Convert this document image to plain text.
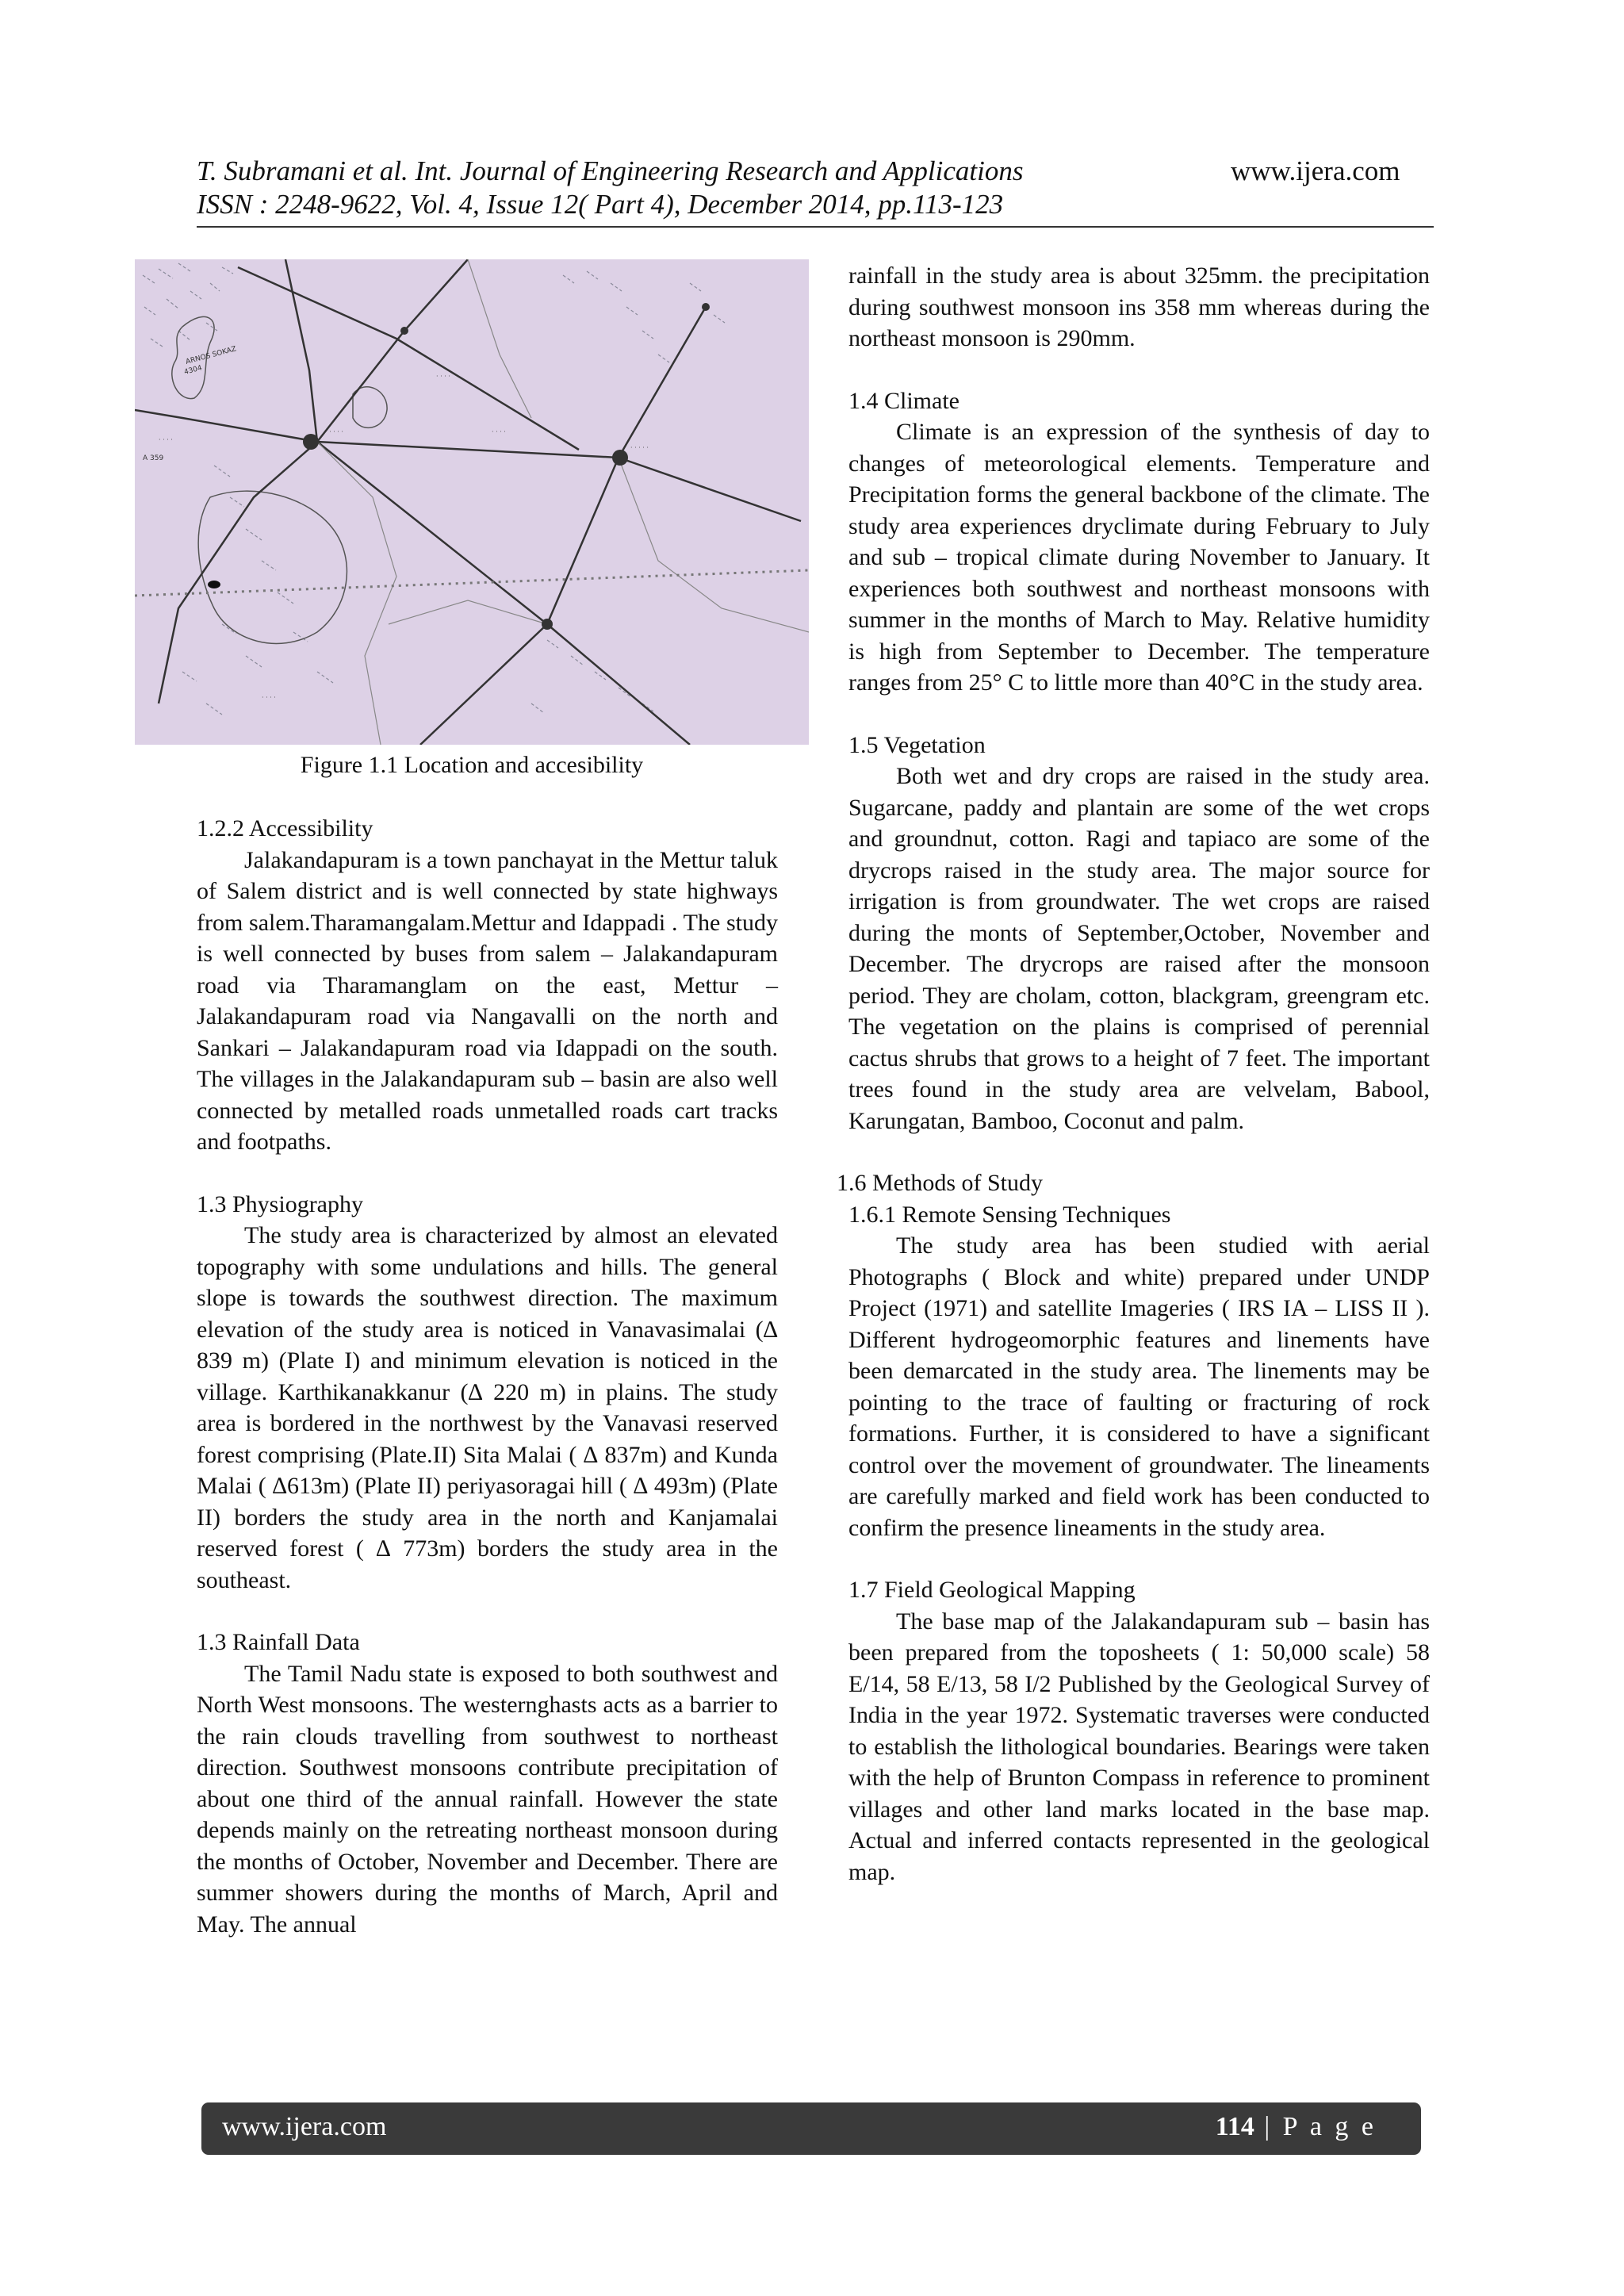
T. Subramani et al. Int. Journal of Engineering Research and Applications	www.ijera.com
ISSN : 2248-9622, Vol. 4, Issue 12( Part 4), December 2014, pp.113-123
· · · · ·
· · · · ·
· · · ·
· · · ·
· · · ·
· · · ·
ARNOS SOKAZ
4304
A 359
Figure 1.1 Location and accesibility
1.2.2 Accessibility

Jalakandapuram is a town panchayat in the Mettur taluk of Salem district and is well connected by state highways from salem.Tharamangalam.Mettur and Idappadi . The study is well connected by buses from salem – Jalakandapuram road via Tharamanglam on the east, Mettur – Jalakandapuram road via Nangavalli on the north and Sankari – Jalakandapuram road via Idappadi on the south. The villages in the Jalakandapuram sub – basin are also well connected by metalled roads unmetalled roads cart tracks and footpaths.

1.3 Physiography

The study area is characterized by almost an elevated topography with some undulations and hills. The general slope is towards the southwest direction. The maximum elevation of the study area is noticed in Vanavasimalai (∆ 839 m) (Plate I) and minimum elevation is noticed in the village. Karthikanakkanur (∆ 220 m) in plains. The study area is bordered in the northwest by the Vanavasi reserved forest comprising (Plate.II) Sita Malai ( ∆ 837m) and Kunda Malai ( ∆613m) (Plate II) periyasoragai hill ( ∆ 493m) (Plate II) borders the study area in the north and Kanjamalai reserved forest ( ∆ 773m) borders the study area in the southeast.

1.3 Rainfall Data

The Tamil Nadu state is exposed to both southwest and North West monsoons. The westernghasts acts as a barrier to the rain clouds travelling from southwest to northeast direction. Southwest monsoons contribute precipitation of about one third of the annual rainfall. However the state depends mainly on the retreating northeast monsoon during the months of October, November and December. There are summer showers during the months of March, April and May. The annual

rainfall in the study area is about 325mm. the precipitation during southwest monsoon ins 358 mm whereas during the northeast monsoon is 290mm.

1.4 Climate

Climate is an expression of the synthesis of day to changes of meteorological elements. Temperature and Precipitation forms the general backbone of the climate. The study area experiences dryclimate during February to July and sub – tropical climate during November to January. It experiences both southwest and northeast monsoons with summer in the months of March to May. Relative humidity is high from September to December. The temperature ranges from 25° C to little more than 40°C in the study area.

1.5 Vegetation

Both wet and dry crops are raised in the study area. Sugarcane, paddy and plantain are some of the wet crops and groundnut, cotton. Ragi and tapiaco are some of the drycrops raised in the study area. The major source for irrigation is from groundwater. The wet crops are raised during the monts of September,October, November and December. The drycrops are raised after the monsoon period. They are cholam, cotton, blackgram, greengram etc. The vegetation on the plains is comprised of perennial cactus shrubs that grows to a height of 7 feet. The important trees found in the study area are velvelam, Babool, Karungatan, Bamboo, Coconut and palm.

1.6 Methods of Study
1.6.1 Remote Sensing Techniques

The study area has been studied with aerial Photographs ( Block and white) prepared under UNDP Project (1971) and satellite Imageries ( IRS IA – LISS II ). Different hydrogeomorphic features and linements have been demarcated in the study area. The linements may be pointing to the trace of faulting or fracturing of rock formations. Further, it is considered to have a significant control over the movement of groundwater. The lineaments are carefully marked and field work has been conducted to confirm the presence lineaments in the study area.

1.7 Field Geological Mapping

The base map of the Jalakandapuram sub – basin has been prepared from the toposheets ( 1: 50,000 scale) 58 E/14, 58 E/13, 58 I/2 Published by the Geological Survey of India in the year 1972. Systematic traverses were conducted to establish the lithological boundaries. Bearings were taken with the help of Brunton Compass in reference to prominent villages and other land marks located in the base map. Actual and inferred contacts represented in the geological map.

www.ijera.com	114 | P a g e
